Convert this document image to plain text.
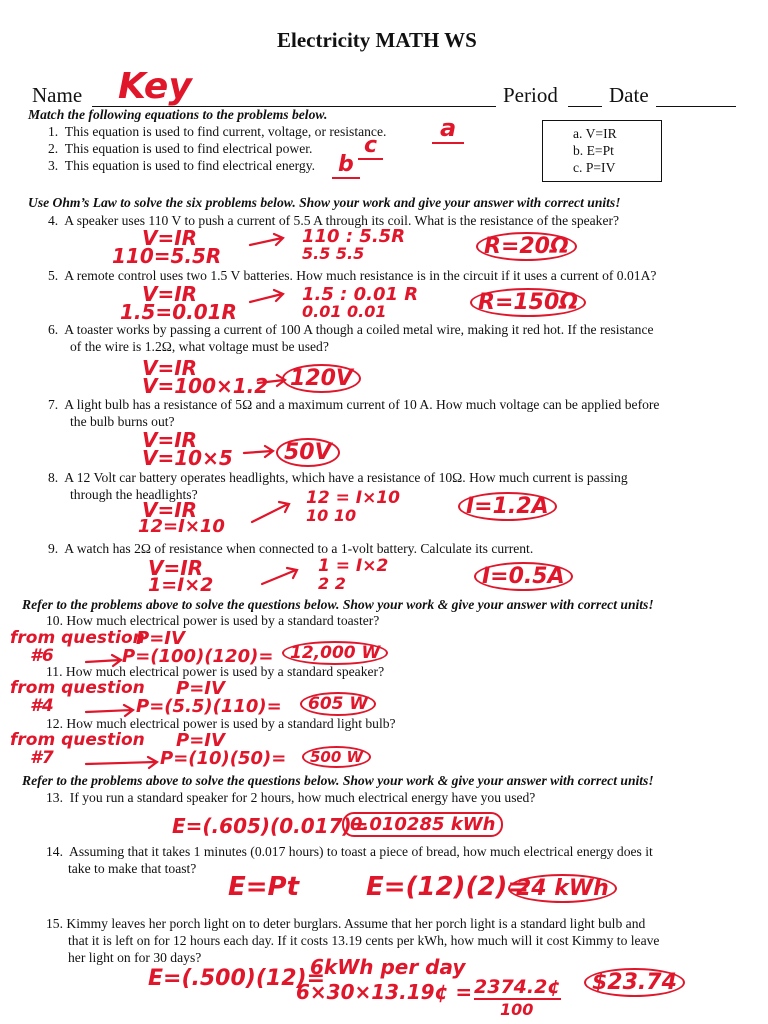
Electricity MATH WS
Name Key	Period Date
Match the following equations to the problems below.
1. This equation is used to find current, voltage, or resistance.
2. This equation is used to find electrical power.
3. This equation is used to find electrical energy.
a
c
b
a. V=IR
b. E=Pt
c. P=IV
Use Ohm’s Law to solve the six problems below. Show your work and give your answer with correct units!
4. A speaker uses 110 V to push a current of 5.5 A through its coil. What is the resistance of the speaker?
V=IR
110=5.5R
110 : 5.5R
5.5 5.5	R=20Ω
5. A remote control uses two 1.5 V batteries. How much resistance is in the circuit if it uses a current of 0.01A?
V=IR
1.5=0.01R
1.5 : 0.01 R
0.01 0.01	R=150Ω
6. A toaster works by passing a current of 100 A though a coiled metal wire, making it red hot. If the resistance
of the wire is 1.2Ω, what voltage must be used?
V=IR
V=100×1.2 120V
7. A light bulb has a resistance of 5Ω and a maximum current of 10 A. How much voltage can be applied before
the bulb burns out?
V=IR
V=10×5	50V
8. A 12 Volt car battery operates headlights, which have a resistance of 10Ω. How much current is passing
through the headlights?
V=IR
12=I×10
12 = I×10
10 10	I=1.2A
9. A watch has 2Ω of resistance when connected to a 1-volt battery. Calculate its current.
V=IR
1=I×2
1 = I×2
2 2	I=0.5A
Refer to the problems above to solve the questions below. Show your work & give your answer with correct units!
10. How much electrical power is used by a standard toaster?
from question
#6
P=IV
P=(100)(120)= 12,000 W
11. How much electrical power is used by a standard speaker?
from question
#4
P=IV
P=(5.5)(110)=	605 W
12. How much electrical power is used by a standard light bulb?
from question
#7
P=IV
P=(10)(50)=	500 W
Refer to the problems above to solve the questions below. Show your work & give your answer with correct units!
13. If you run a standard speaker for 2 hours, how much electrical energy have you used?
E=(.605)(0.017)=
0.010285 kWh
14. Assuming that it takes 1 minutes (0.017 hours) to toast a piece of bread, how much electrical energy does it
take to make that toast?
E=Pt	E=(12)(2)=
24 kWh
15. Kimmy leaves her porch light on to deter burglars. Assume that her porch light is a standard light bulb and
that it is left on for 12 hours each day. If it costs 13.19 cents per kWh, how much will it cost Kimmy to leave
her light on for 30 days?
E=(.500)(12)=
6kWh per day
6×30×13.19¢ = 2374.2¢
100
$23.74
